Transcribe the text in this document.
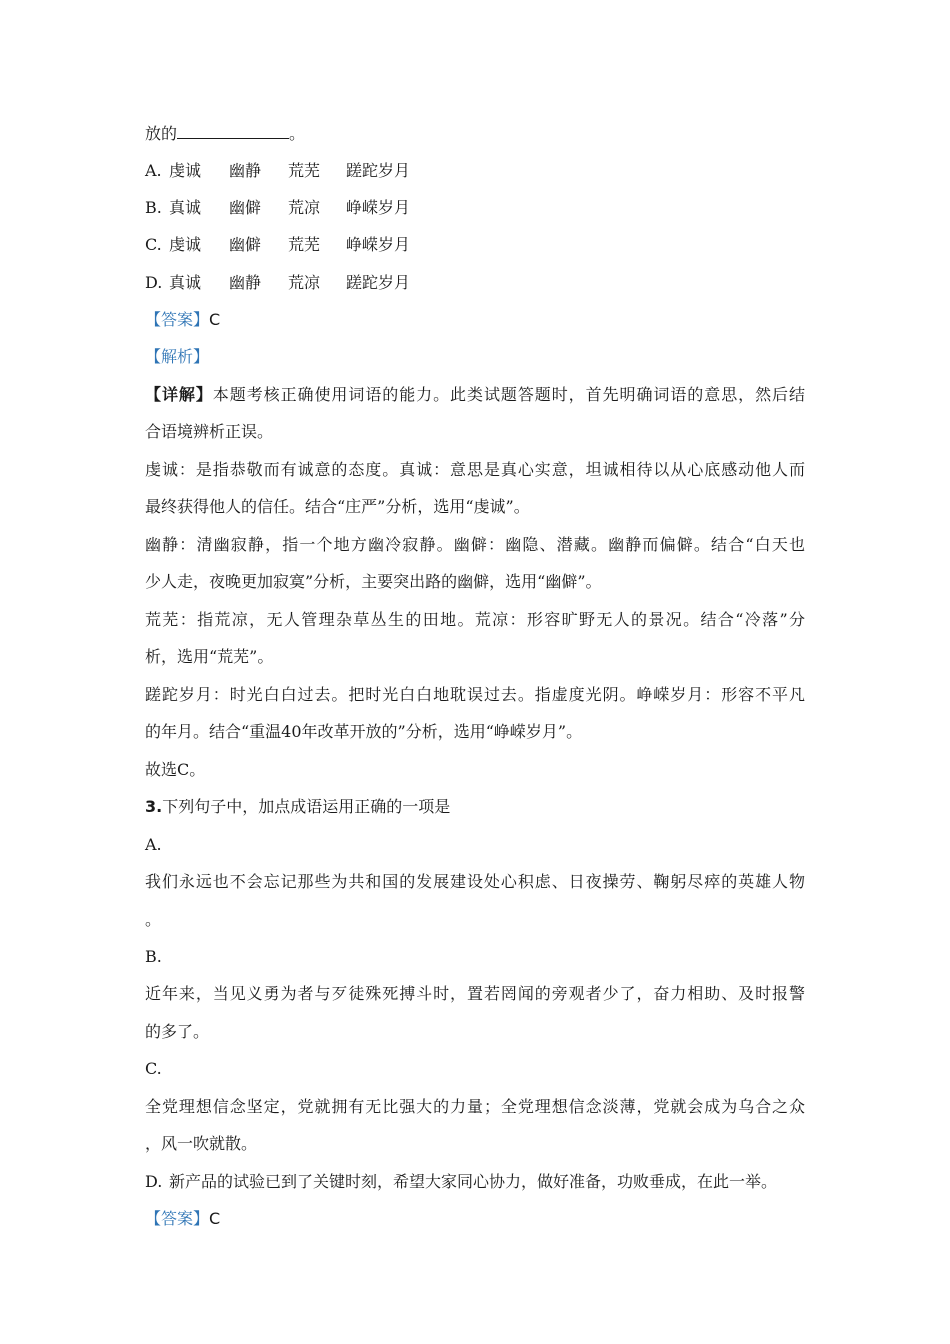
放的	。
A. 虔诚 幽静 荒芜 蹉跎岁月
B. 真诚 幽僻 荒凉 峥嵘岁月
C. 虔诚 幽僻 荒芜 峥嵘岁月
D. 真诚 幽静 荒凉 蹉跎岁月
【答案】C
【解析】
【详解】本题考核正确使用词语的能力。此类试题答题时，首先明确词语的意思，然后结
合语境辨析正误。
虔诚：是指恭敬而有诚意的态度。真诚：意思是真心实意，坦诚相待以从心底感动他人而
最终获得他人的信任。结合“庄严”分析，选用“虔诚”。
幽静：清幽寂静，指一个地方幽冷寂静。幽僻：幽隐、潜藏。幽静而偏僻。结合“白天也
少人走，夜晚更加寂寞”分析，主要突出路的幽僻，选用“幽僻”。
荒芜：指荒凉，无人管理杂草丛生的田地。荒凉：形容旷野无人的景况。结合“冷落”分
析，选用“荒芜”。
蹉跎岁月：时光白白过去。把时光白白地耽误过去。指虚度光阴。峥嵘岁月：形容不平凡
的年月。结合“重温40年改革开放的”分析，选用“峥嵘岁月”。
故选C。
3.下列句子中，加点成语运用正确的一项是
A.
我们永远也不会忘记那些为共和国的发展建设处心积虑、日夜操劳、鞠躬尽瘁的英雄人物
。
B.
近年来，当见义勇为者与歹徒殊死搏斗时，置若罔闻的旁观者少了，奋力相助、及时报警
的多了。
C.
全党理想信念坚定，党就拥有无比强大的力量；全党理想信念淡薄，党就会成为乌合之众
，风一吹就散。
D. 新产品的试验已到了关键时刻，希望大家同心协力，做好准备，功败垂成，在此一举。
【答案】C
